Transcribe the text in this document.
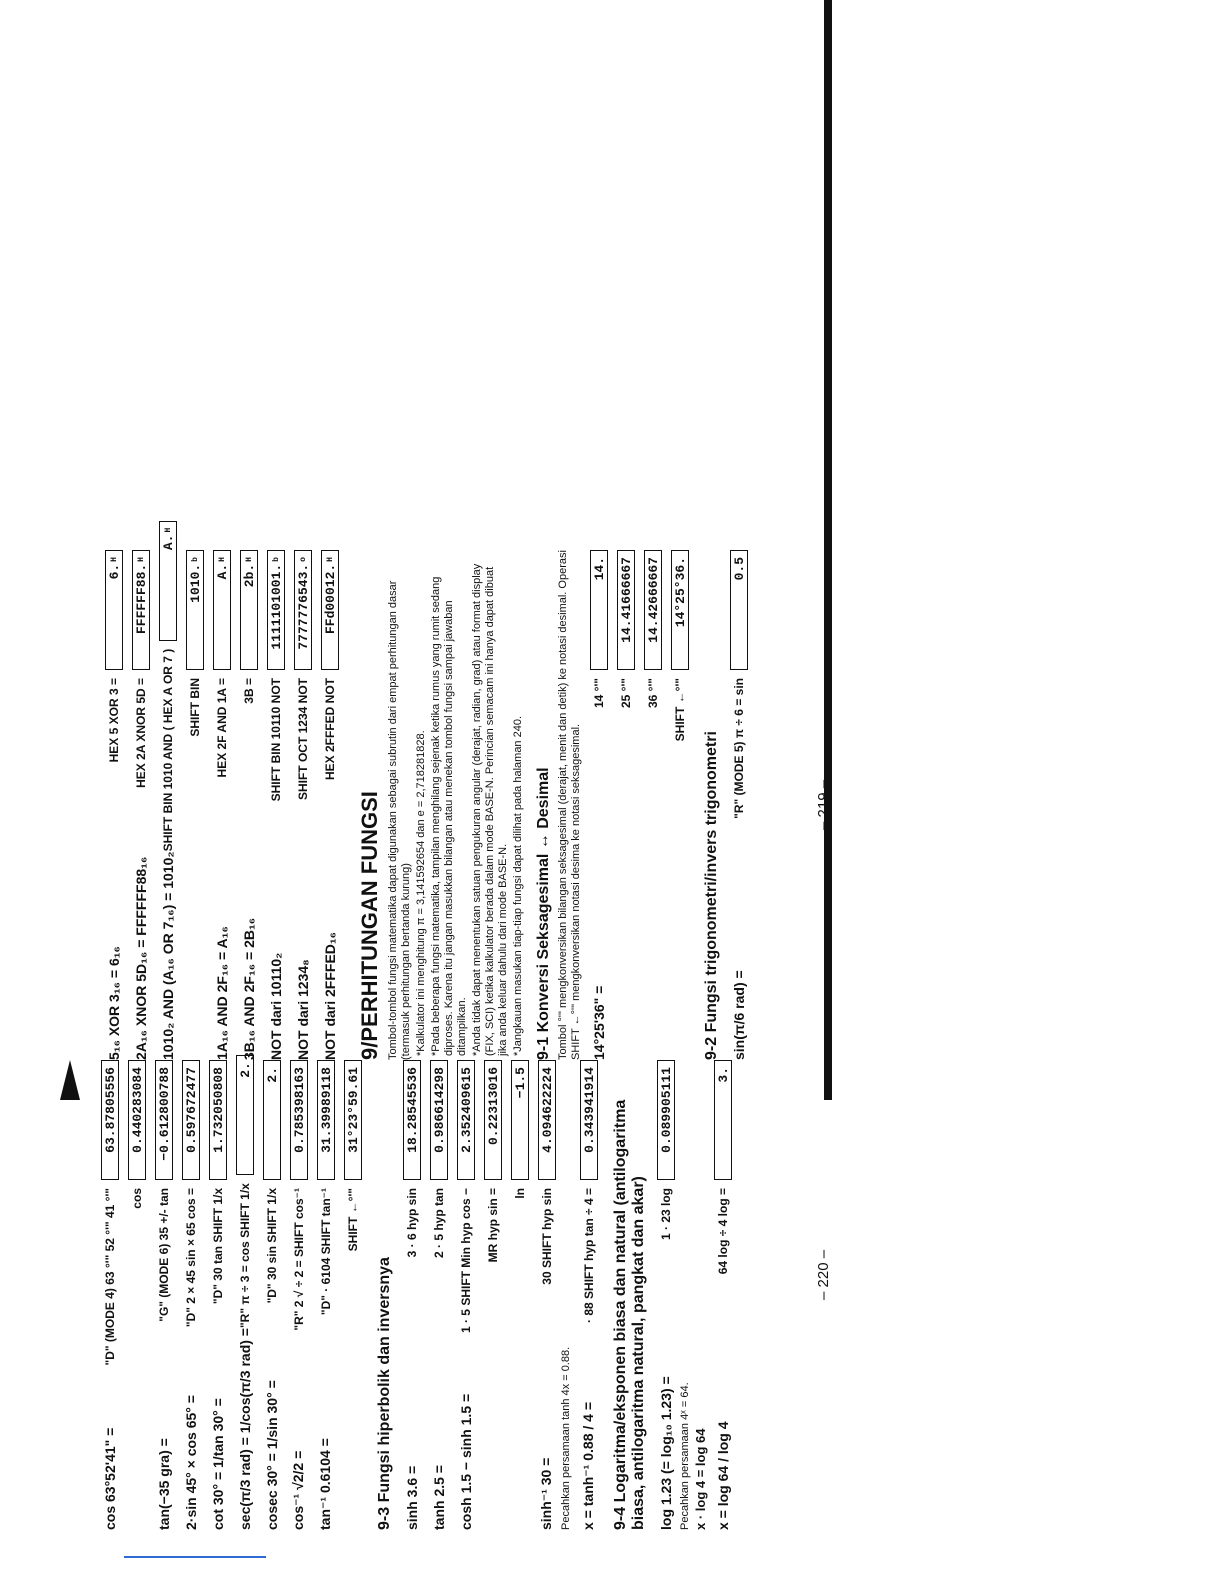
5₁₆ XOR 3₁₆ = 6₁₆
HEX 5 XOR 3 =
6.$^H$
2A₁₆ XNOR 5D₁₆ = FFFFFF88₁₆
HEX 2A XNOR 5D =
FFFFFF88.$^H$
1010₂ AND (A₁₆ OR 7₁₆) = 1010₂
SHIFT BIN 1010 AND ( HEX A OR 7 )
A.$^H$
SHIFT BIN
1010.$^b$
1A₁₆ AND 2F₁₆ = A₁₆
HEX 2F AND 1A =
A.$^H$
3B₁₆ AND 2F₁₆ = 2B₁₆
3B =
2b.$^H$
NOT dari 10110₂
SHIFT BIN 10110 NOT
1111101001.$^b$
NOT dari 1234₈
SHIFT OCT 1234 NOT
7777776543.$^o$
NOT dari 2FFFED₁₆
HEX 2FFFED NOT
FFd00012.$^H$
9/PERHITUNGAN FUNGSI Tombol-tombol fungsi matematika dapat digunakan sebagai subrutin dari empat perhitungan dasar (termasuk perhitungan bertanda kurung) *Kalkulator ini menghitung π = 3,141592654 dan e = 2,718281828. *Pada beberapa fungsi matematika, tampilan menghilang sejenak ketika rumus yang rumit sedang diproses. Karena itu jangan masukkan bilangan atau menekan tombol fungsi sampai jawaban ditampilkan. *Anda tidak dapat menentukan satuan pengukuran angular (derajat, radian, grad) atau format display (FIX, SCI) ketika kalkulator berada dalam mode BASE-N. Perincian semacam ini hanya dapat dibuat jika anda keluar dahulu dari mode BASE-N. *Jangkauan masukan tiap-tiap fungsi dapat dilihat pada halaman 240. 9-1 Konversi Seksagesimal ↔ Desimal Tombol °'" mengkonversikan bilangan seksagesimal (derajat, menit dan detik) ke notasi desimal. Operasi SHIFT ←°'" mengkonversikan notasi desima ke notasi seksagesimal. 14°25'36" =
14 °'"
14.
25 °'"
14.41666667
36 °'"
14.42666667
SHIFT ←°'"
14°25°36.
9-2 Fungsi trigonometri/invers trigonometri sin(π/6 rad) =
"R" (MODE 5) π ÷ 6 = sin
0.5
– 219 –
cos 63°52'41" =
"D" (MODE 4) 63 °'" 52 °'" 41 °'"
63.87805556
cos
0.440283084
tan(−35 gra) =
"G" (MODE 6) 35 +/- tan
−0.612800788
2·sin 45° × cos 65° =
"D" 2 × 45 sin × 65 cos =
0.597672477
cot 30° = 1/tan 30° =
"D" 30 tan SHIFT 1/x
1.732050808
sec(π/3 rad) = 1/cos(π/3 rad) =
"R" π ÷ 3 = cos SHIFT 1/x
2.
cosec 30° = 1/sin 30° =
"D" 30 sin SHIFT 1/x
2.
cos⁻¹ √2/2 =
"R" 2 √ ÷ 2 = SHIFT cos⁻¹
0.785398163
tan⁻¹ 0.6104 =
"D" · 6104 SHIFT tan⁻¹
31.39989118
SHIFT ←°'"
31°23°59.61
9-3 Fungsi hiperbolik dan inversnya sinh 3.6 =
3 · 6 hyp sin
18.28545536
tanh 2.5 =
2 · 5 hyp tan
0.986614298
cosh 1.5 − sinh 1.5 =
1 · 5 SHIFT Min hyp cos −
2.352409615
MR hyp sin =
0.22313016
ln
−1.5
sinh⁻¹ 30 =
30 SHIFT hyp sin
4.094622224

Pecahkan persamaan tanh 4x = 0.88. x = tanh⁻¹ 0.88 / 4 =
· 88 SHIFT hyp tan ÷ 4 =
0.343941914 9-4 Logaritma/eksponen biasa dan natural (antilogaritma biasa, antilogaritma natural, pangkat dan akar) log 1.23 (= log₁₀ 1.23) =
1 · 23 log
0.089905111

Pecahkan persamaan 4ˣ = 64. x · log 4 = log 64 x = log 64 / log 4
64 log ÷ 4 log =
3.
– 220 –
